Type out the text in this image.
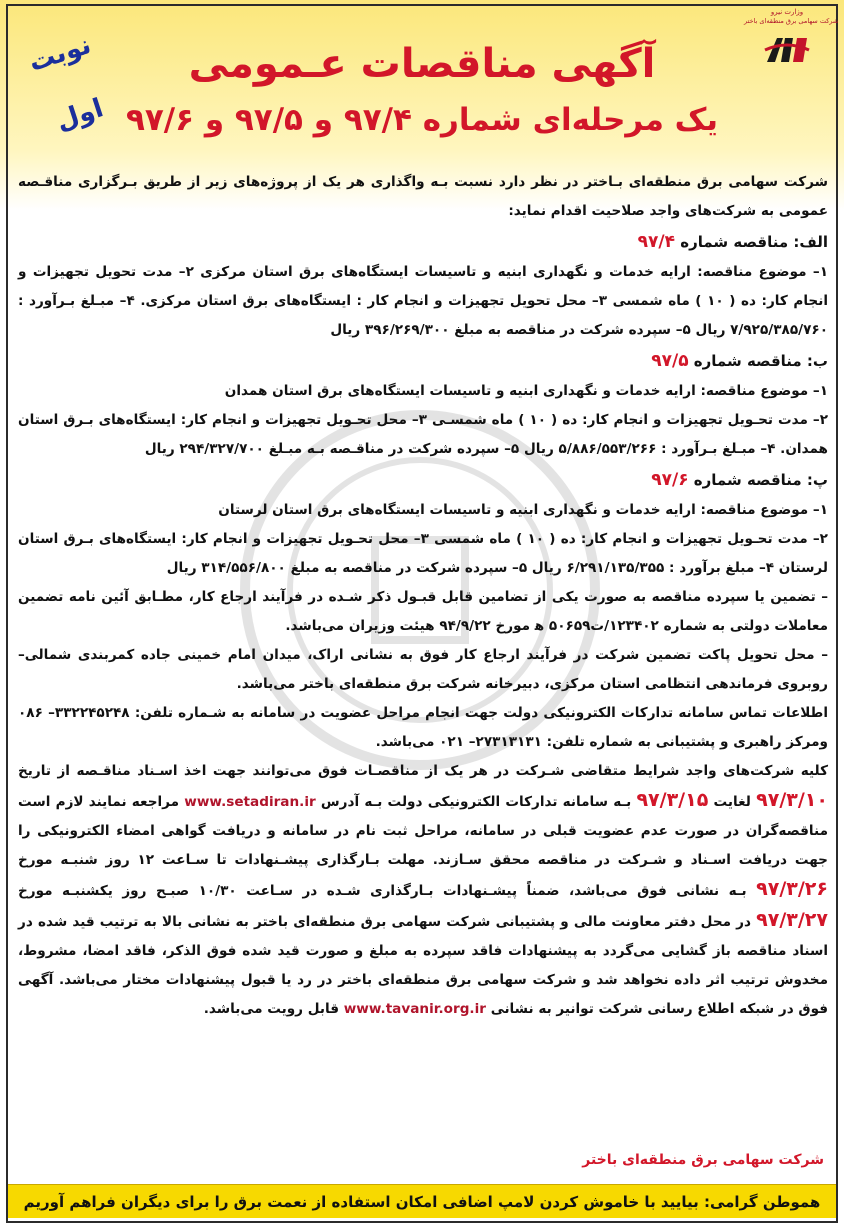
وزارت نیرو
شرکت سهامی برق منطقه‌ای باختر
نوبت اول
آگهی مناقصات عـمومی
یک مرحله‌ای شماره ۹۷/۴ و ۹۷/۵ و ۹۷/۶
شرکت سهامی برق منطقه‌ای بـاختر در نظر دارد نسبت بـه واگذاری هر یک از پروژه‌های زیر از طریق بـرگزاری مناقـصه عمومی به شرکت‌های واجد صلاحیت اقدام نماید:
الف: مناقصه شماره ۹۷/۴
۱– موضوع مناقصه: ارایه خدمات و نگهداری ابنیه و تاسیسات ایستگاه‌های برق استان مرکزی ۲– مدت تحویل تجهیزات و انجام کار: ده ( ۱۰ ) ماه شمسی ۳– محل تحویل تجهیزات و انجام کار : ایستگاه‌های برق استان مرکزی. ۴– مبـلغ بـرآورد : ۷/۹۲۵/۳۸۵/۷۶۰ ریال ۵– سپرده شرکت در مناقصه به مبلغ ۳۹۶/۲۶۹/۳۰۰ ریال
ب: مناقصه شماره ۹۷/۵
۱– موضوع مناقصه: ارایه خدمات و نگهداری ابنیه و تاسیسات ایستگاه‌های برق استان همدان
۲– مدت تحـویل تجهیزات و انجام کار: ده ( ۱۰ ) ماه شمسـی ۳– محل تحـویل تجهیزات و انجام کار: ایستگاه‌های بـرق استان همدان. ۴– مبـلغ بـرآورد : ۵/۸۸۶/۵۵۳/۲۶۶ ریال ۵– سپرده شرکت در مناقـصه بـه مبـلغ ۲۹۴/۳۲۷/۷۰۰ ریال
پ: مناقصه شماره ۹۷/۶
۱– موضوع مناقصه: ارایه خدمات و نگهداری ابنیه و تاسیسات ایستگاه‌های برق استان لرستان
۲– مدت تحـویل تجهیزات و انجام کار: ده ( ۱۰ ) ماه شمسی ۳– محل تحـویل تجهیزات و انجام کار: ایستگاه‌های بـرق استان لرستان ۴– مبلغ برآورد : ۶/۲۹۱/۱۳۵/۳۵۵ ریال ۵– سپرده شرکت در مناقصه به مبلغ ۳۱۴/۵۵۶/۸۰۰ ریال
– تضمین یا سپرده مناقصه به صورت یکی از تضامین قابل قبـول ذکر شـده در فرآیند ارجاع کار، مطـابق آئین نامه تضمین معاملات دولتی به شماره ۱۲۳۴۰۲/ت۵۰۶۵۹ ه‍ مورخ ۹۴/۹/۲۲ هیئت وزیران می‌باشد.
– محل تحویل پاکت تضمین شرکت در فرآیند ارجاع کار فوق به نشانی اراک، میدان امام خمینی جاده کمربندی شمالی– روبروی فرماندهی انتظامی استان مرکزی، دبیرخانه شرکت برق منطقه‌ای باختر می‌باشد.
اطلاعات تماس سامانه تدارکات الکترونیکی دولت جهت انجام مراحل عضویت در سامانه به شـماره تلفن: ۳۳۲۲۴۵۲۴۸– ۰۸۶ ومرکز راهبری و پشتیبانی به شماره تلفن: ۲۷۳۱۳۱۳۱– ۰۲۱ می‌باشد.
کلیه شرکت‌های واجد شرایط متقاضی شـرکت در هر یک از مناقصـات فوق می‌توانند جهت اخذ اسـناد مناقـصه از تاریخ ۹۷/۳/۱۰ لغایت ۹۷/۳/۱۵ بـه سامانه تدارکات الکترونیکی دولت بـه آدرس www.setadiran.ir مراجعه نمایند لازم است مناقصه‌گران در صورت عدم عضویت قبلی در سامانه، مراحل ثبت نام در سامانه و دریافت گواهی امضاء الکترونیکی را جهت دریافت اسـناد و شـرکت در مناقصه محقق سـازند. مهلت بـارگذاری پیشـنهادات تا سـاعت ۱۲ روز شنبـه مورخ ۹۷/۳/۲۶ بـه نشانی فوق می‌باشد، ضمناً پیشـنهادات بـارگذاری شـده در سـاعت ۱۰/۳۰ صبـح روز یکشنبـه مورخ ۹۷/۳/۲۷ در محل دفتر معاونت مالی و پشتیبانی شرکت سهامی برق منطقه‌ای باختر به نشانی بالا به ترتیب قید شده در اسناد مناقصه باز گشایی می‌گردد به پیشنهادات فاقد سپرده به مبلغ و صورت قید شده فوق الذکر، فاقد امضا، مشروط، مخدوش ترتیب اثر داده نخواهد شد و شرکت سهامی برق منطقه‌ای باختر در رد یا قبول پیشنهادات مختار می‌باشد. آگهی فوق در شبکه اطلاع رسانی شرکت توانیر به نشانی www.tavanir.org.ir قابل رویت می‌باشد.
شرکت سهامی برق منطقه‌ای باختر
هموطن گرامی: بیایید با خاموش کردن لامپ اضافی امکان استفاده از نعمت برق را برای دیگران فراهم آوریم
